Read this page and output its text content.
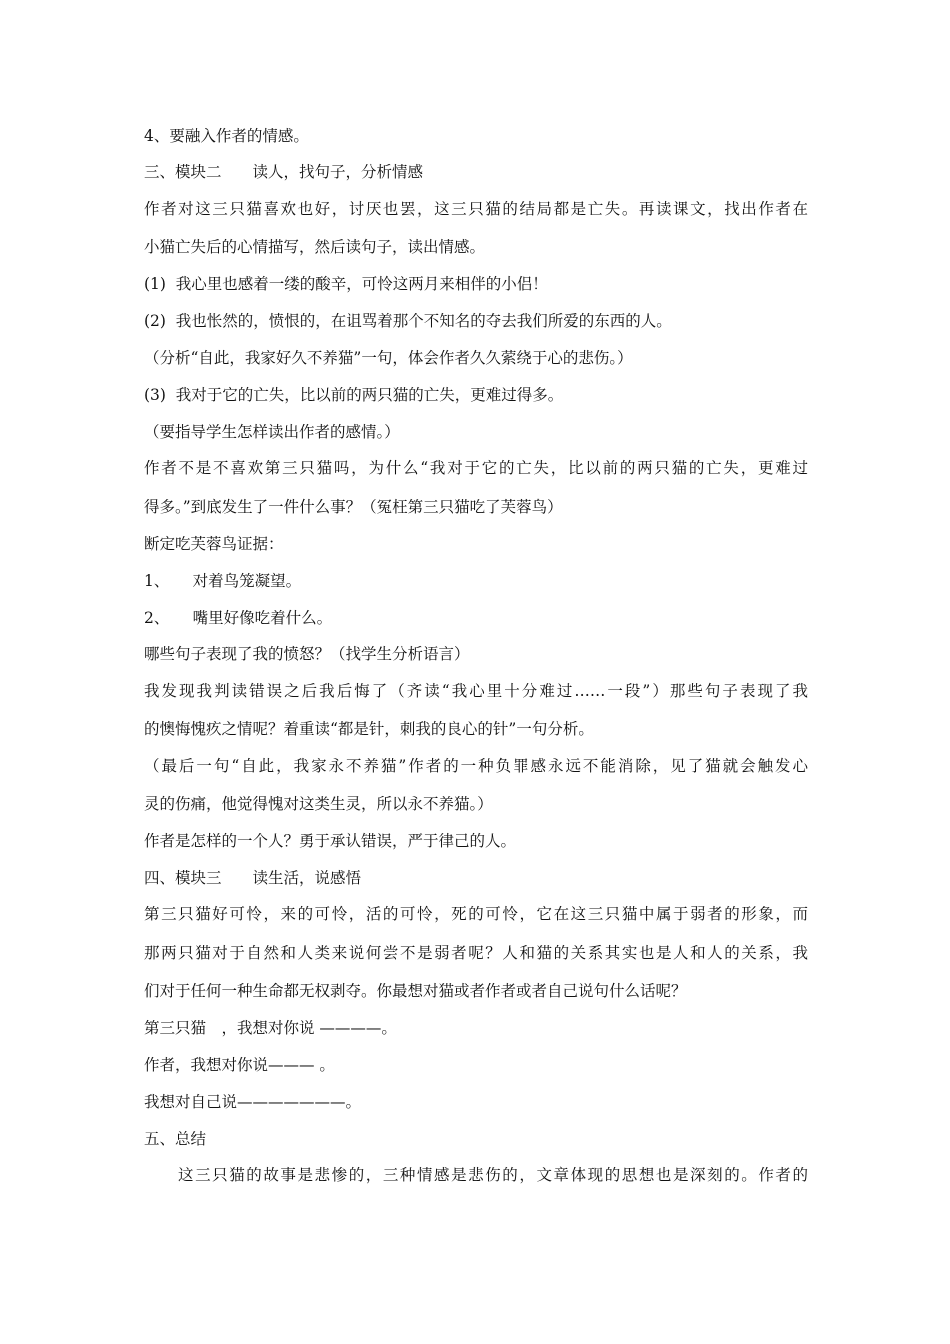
4、要融入作者的情感。
三、模块二　　读人，找句子，分析情感
作者对这三只猫喜欢也好，讨厌也罢，这三只猫的结局都是亡失。再读课文，找出作者在
小猫亡失后的心情描写，然后读句子，读出情感。
(1)  我心里也感着一缕的酸辛，可怜这两月来相伴的小侣！
(2)  我也怅然的，愤恨的，在诅骂着那个不知名的夺去我们所爱的东西的人。
（分析“自此，我家好久不养猫”一句，体会作者久久萦绕于心的悲伤。）
(3)  我对于它的亡失，比以前的两只猫的亡失，更难过得多。
（要指导学生怎样读出作者的感情。）
作者不是不喜欢第三只猫吗，为什么“我对于它的亡失，比以前的两只猫的亡失，更难过
得多。”到底发生了一件什么事？（冤枉第三只猫吃了芙蓉鸟）
断定吃芙蓉鸟证据：
1、　　对着鸟笼凝望。
2、　　嘴里好像吃着什么。
哪些句子表现了我的愤怒？（找学生分析语言）
我发现我判读错误之后我后悔了（齐读“我心里十分难过……一段”）那些句子表现了我
的懊悔愧疚之情呢？着重读“都是针，刺我的良心的针”一句分析。
（最后一句“自此，我家永不养猫”作者的一种负罪感永远不能消除，见了猫就会触发心
灵的伤痛，他觉得愧对这类生灵，所以永不养猫。）
作者是怎样的一个人？勇于承认错误，严于律己的人。
四、模块三　　读生活，说感悟
第三只猫好可怜，来的可怜，活的可怜，死的可怜，它在这三只猫中属于弱者的形象，而
那两只猫对于自然和人类来说何尝不是弱者呢？人和猫的关系其实也是人和人的关系，我
们对于任何一种生命都无权剥夺。你最想对猫或者作者或者自己说句什么话呢？
第三只猫　，我想对你说 ————。
作者，我想对你说——— 。
我想对自己说———————。
五、总结
这三只猫的故事是悲惨的，三种情感是悲伤的，文章体现的思想也是深刻的。作者的
